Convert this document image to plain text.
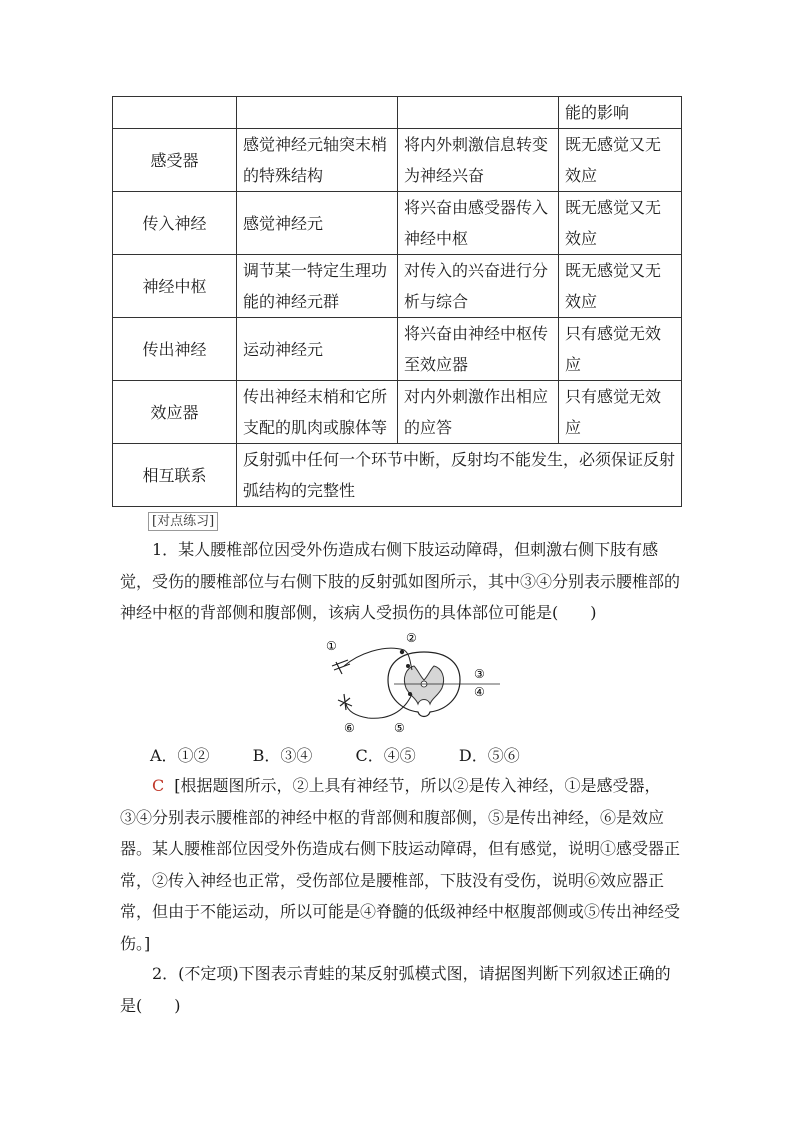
			能的影响
感受器	感觉神经元轴突末梢的特殊结构	将内外刺激信息转变为神经兴奋	既无感觉又无效应
传入神经	感觉神经元	将兴奋由感受器传入神经中枢	既无感觉又无效应
神经中枢	调节某一特定生理功能的神经元群	对传入的兴奋进行分析与综合	既无感觉又无效应
传出神经	运动神经元	将兴奋由神经中枢传至效应器	只有感觉无效应
效应器	传出神经末梢和它所支配的肌肉或腺体等	对内外刺激作出相应的应答	只有感觉无效应
相互联系	反射弧中任何一个环节中断，反射均不能发生，必须保证反射弧结构的完整性		
[对点练习]
1．某人腰椎部位因受外伤造成右侧下肢运动障碍，但刺激右侧下肢有感觉，受伤的腰椎部位与右侧下肢的反射弧如图所示，其中③④分别表示腰椎部的神经中枢的背部侧和腹部侧，该病人受损伤的具体部位可能是(　　)
①
②
③
④
⑤
⑥
A．①②	B．③④	C．④⑤	D．⑤⑥
C [根据题图所示，②上具有神经节，所以②是传入神经，①是感受器，③④分别表示腰椎部的神经中枢的背部侧和腹部侧，⑤是传出神经，⑥是效应器。某人腰椎部位因受外伤造成右侧下肢运动障碍，但有感觉，说明①感受器正常，②传入神经也正常，受伤部位是腰椎部，下肢没有受伤，说明⑥效应器正常，但由于不能运动，所以可能是④脊髓的低级神经中枢腹部侧或⑤传出神经受伤。]
2．(不定项)下图表示青蛙的某反射弧模式图，请据图判断下列叙述正确的是(　　)
